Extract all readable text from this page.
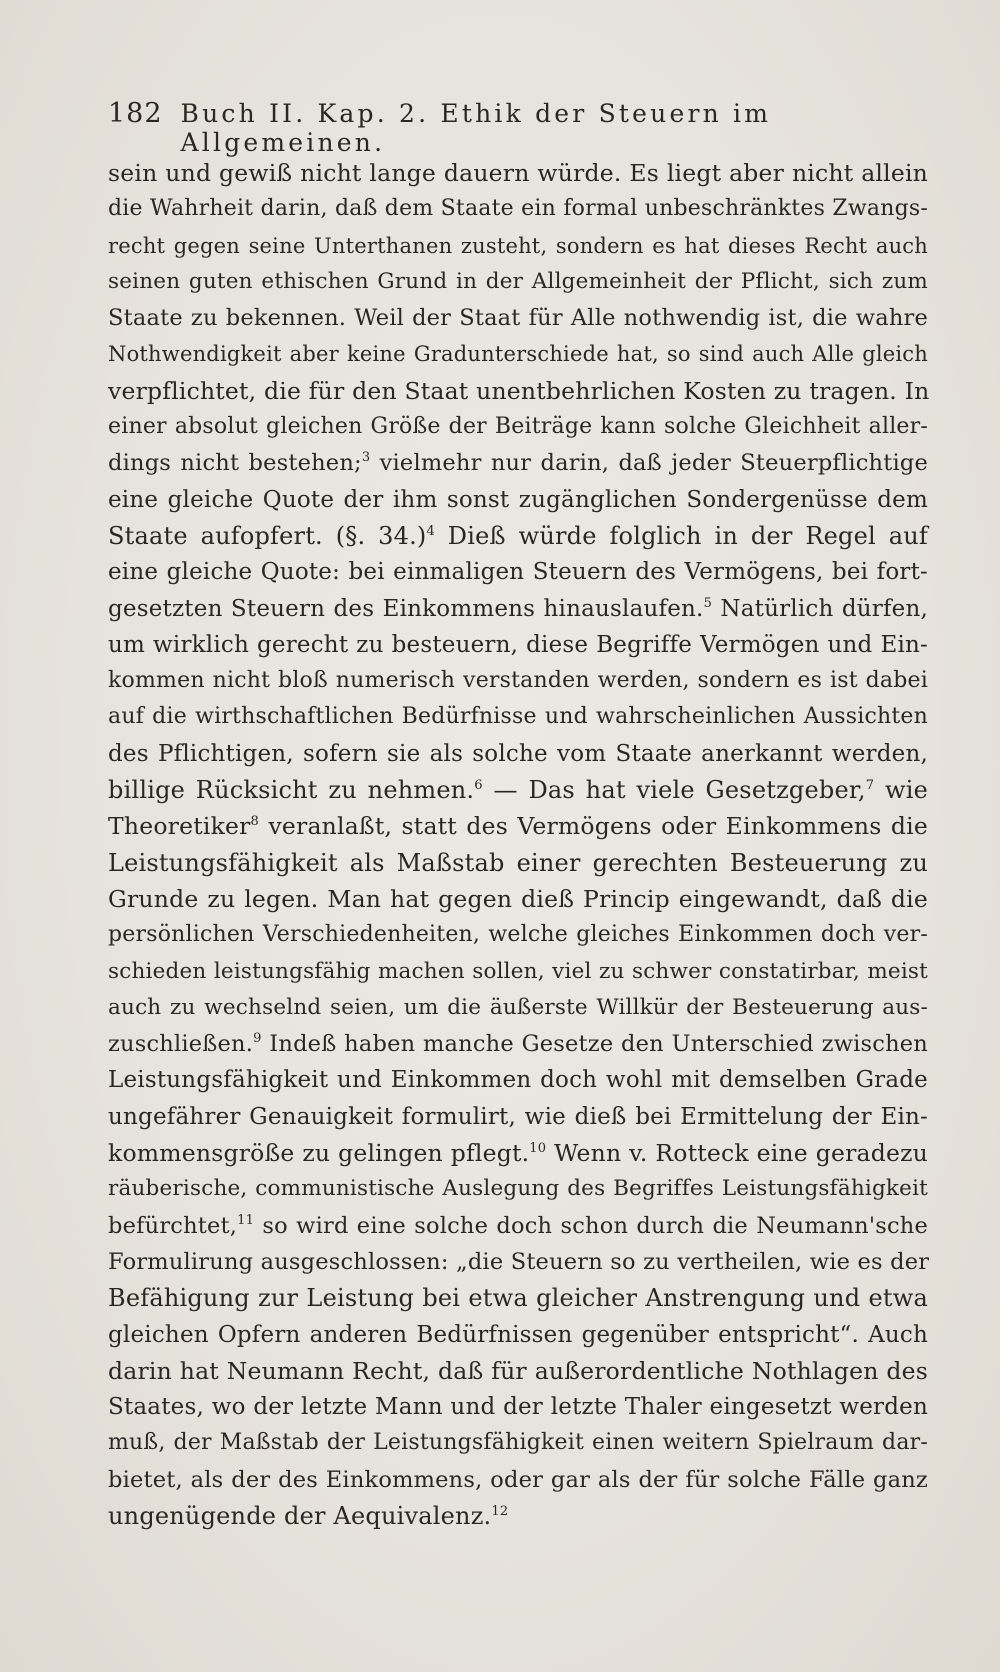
182 Buch II. Kap. 2. Ethik der Steuern im Allgemeinen.
sein und gewiß nicht lange dauern würde. Es liegt aber nicht allein
die Wahrheit darin, daß dem Staate ein formal unbeschränktes Zwangs-
recht gegen seine Unterthanen zusteht, sondern es hat dieses Recht auch
seinen guten ethischen Grund in der Allgemeinheit der Pflicht, sich zum
Staate zu bekennen. Weil der Staat für Alle nothwendig ist, die wahre
Nothwendigkeit aber keine Gradunterschiede hat, so sind auch Alle gleich
verpflichtet, die für den Staat unentbehrlichen Kosten zu tragen. In
einer absolut gleichen Größe der Beiträge kann solche Gleichheit aller-
dings nicht bestehen;$^3$ vielmehr nur darin, daß jeder Steuerpflichtige
eine gleiche Quote der ihm sonst zugänglichen Sondergenüsse dem
Staate aufopfert. (§. 34.)$^4$ Dieß würde folglich in der Regel auf
eine gleiche Quote: bei einmaligen Steuern des Vermögens, bei fort-
gesetzten Steuern des Einkommens hinauslaufen.$^5$ Natürlich dürfen,
um wirklich gerecht zu besteuern, diese Begriffe Vermögen und Ein-
kommen nicht bloß numerisch verstanden werden, sondern es ist dabei
auf die wirthschaftlichen Bedürfnisse und wahrscheinlichen Aussichten
des Pflichtigen, sofern sie als solche vom Staate anerkannt werden,
billige Rücksicht zu nehmen.$^6$ — Das hat viele Gesetzgeber,$^7$ wie
Theoretiker$^8$ veranlaßt, statt des Vermögens oder Einkommens die
Leistungsfähigkeit als Maßstab einer gerechten Besteuerung zu
Grunde zu legen. Man hat gegen dieß Princip eingewandt, daß die
persönlichen Verschiedenheiten, welche gleiches Einkommen doch ver-
schieden leistungsfähig machen sollen, viel zu schwer constatirbar, meist
auch zu wechselnd seien, um die äußerste Willkür der Besteuerung aus-
zuschließen.$^9$ Indeß haben manche Gesetze den Unterschied zwischen
Leistungsfähigkeit und Einkommen doch wohl mit demselben Grade
ungefährer Genauigkeit formulirt, wie dieß bei Ermittelung der Ein-
kommensgröße zu gelingen pflegt.$^{10}$ Wenn v. Rotteck eine geradezu
räuberische, communistische Auslegung des Begriffes Leistungsfähigkeit
befürchtet,$^{11}$ so wird eine solche doch schon durch die Neumann'sche
Formulirung ausgeschlossen: „die Steuern so zu vertheilen, wie es der
Befähigung zur Leistung bei etwa gleicher Anstrengung und etwa
gleichen Opfern anderen Bedürfnissen gegenüber entspricht“. Auch
darin hat Neumann Recht, daß für außerordentliche Nothlagen des
Staates, wo der letzte Mann und der letzte Thaler eingesetzt werden
muß, der Maßstab der Leistungsfähigkeit einen weitern Spielraum dar-
bietet, als der des Einkommens, oder gar als der für solche Fälle ganz
ungenügende der Aequivalenz.$^{12}$
